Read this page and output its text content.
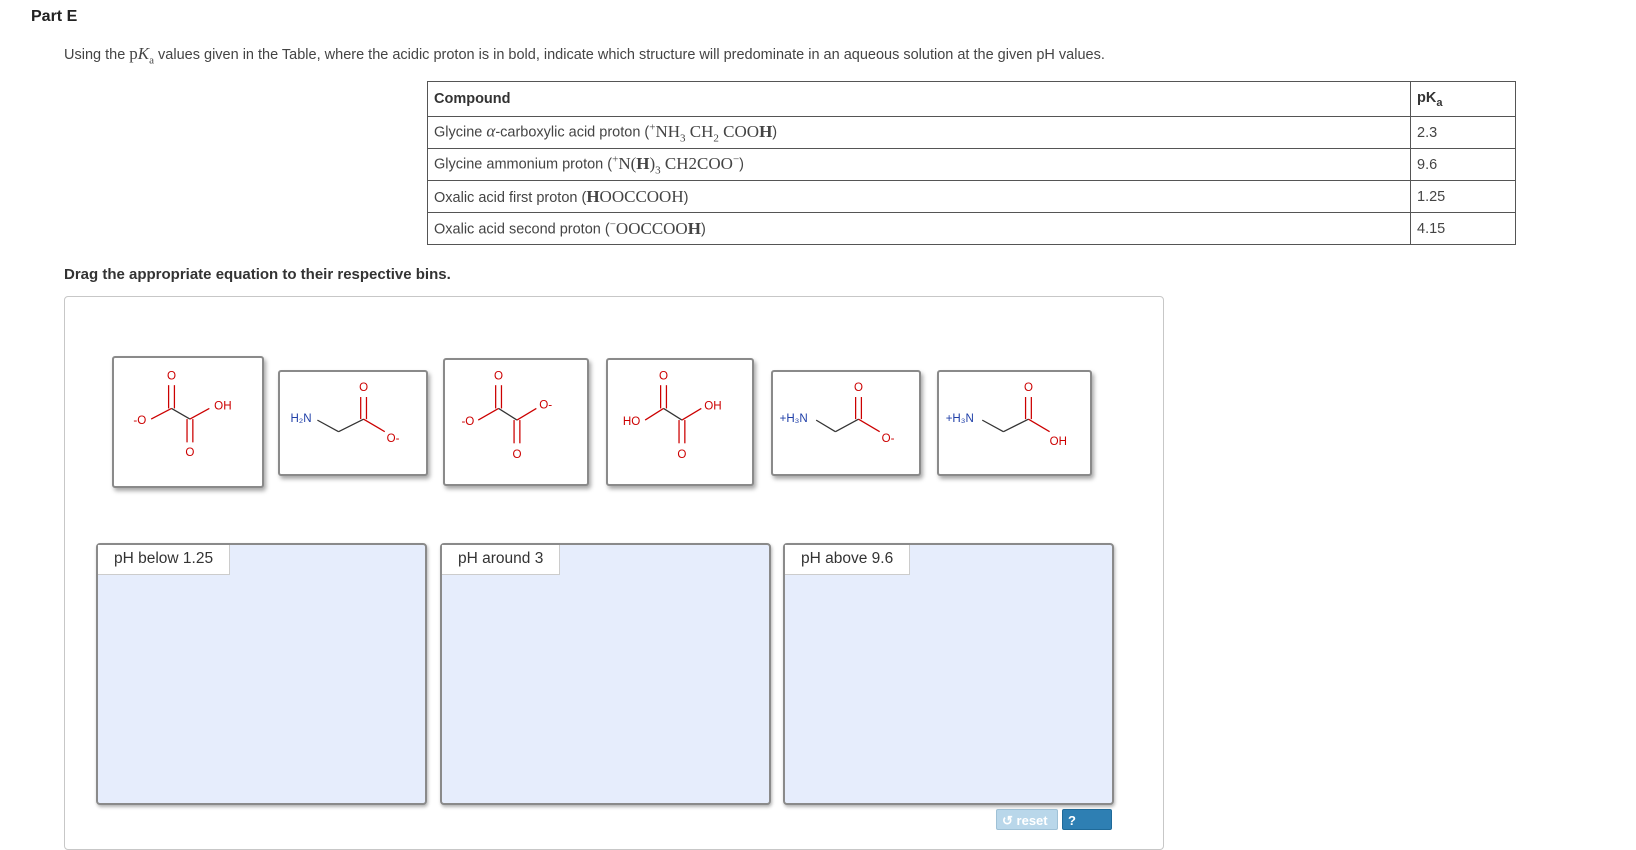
Part E
Using the $pK_a$ values given in the Table, where the acidic proton is in bold, indicate which structure will predominate in an aqueous solution at the given pH values.
Compound	$pK_a$
Glycine α-carboxylic acid proton ($^+NH_3$ $CH_2$ COOH)	2.3
Glycine ammonium proton ($^+N(H)_3$ CH2COO−)	9.6
Oxalic acid first proton (HOOCCOOH)	1.25
Oxalic acid second proton (−OOCCOOH)	4.15
Drag the appropriate equation to their respective bins.
O
-O
OH
O
O
H₂N
O-
O
-O
O-
O
O
HO
OH
O
O
+H₃N
O-
O
+H₃N
OH
pH below 1.25	pH around 3	pH above 9.6
↺ reset	? help
